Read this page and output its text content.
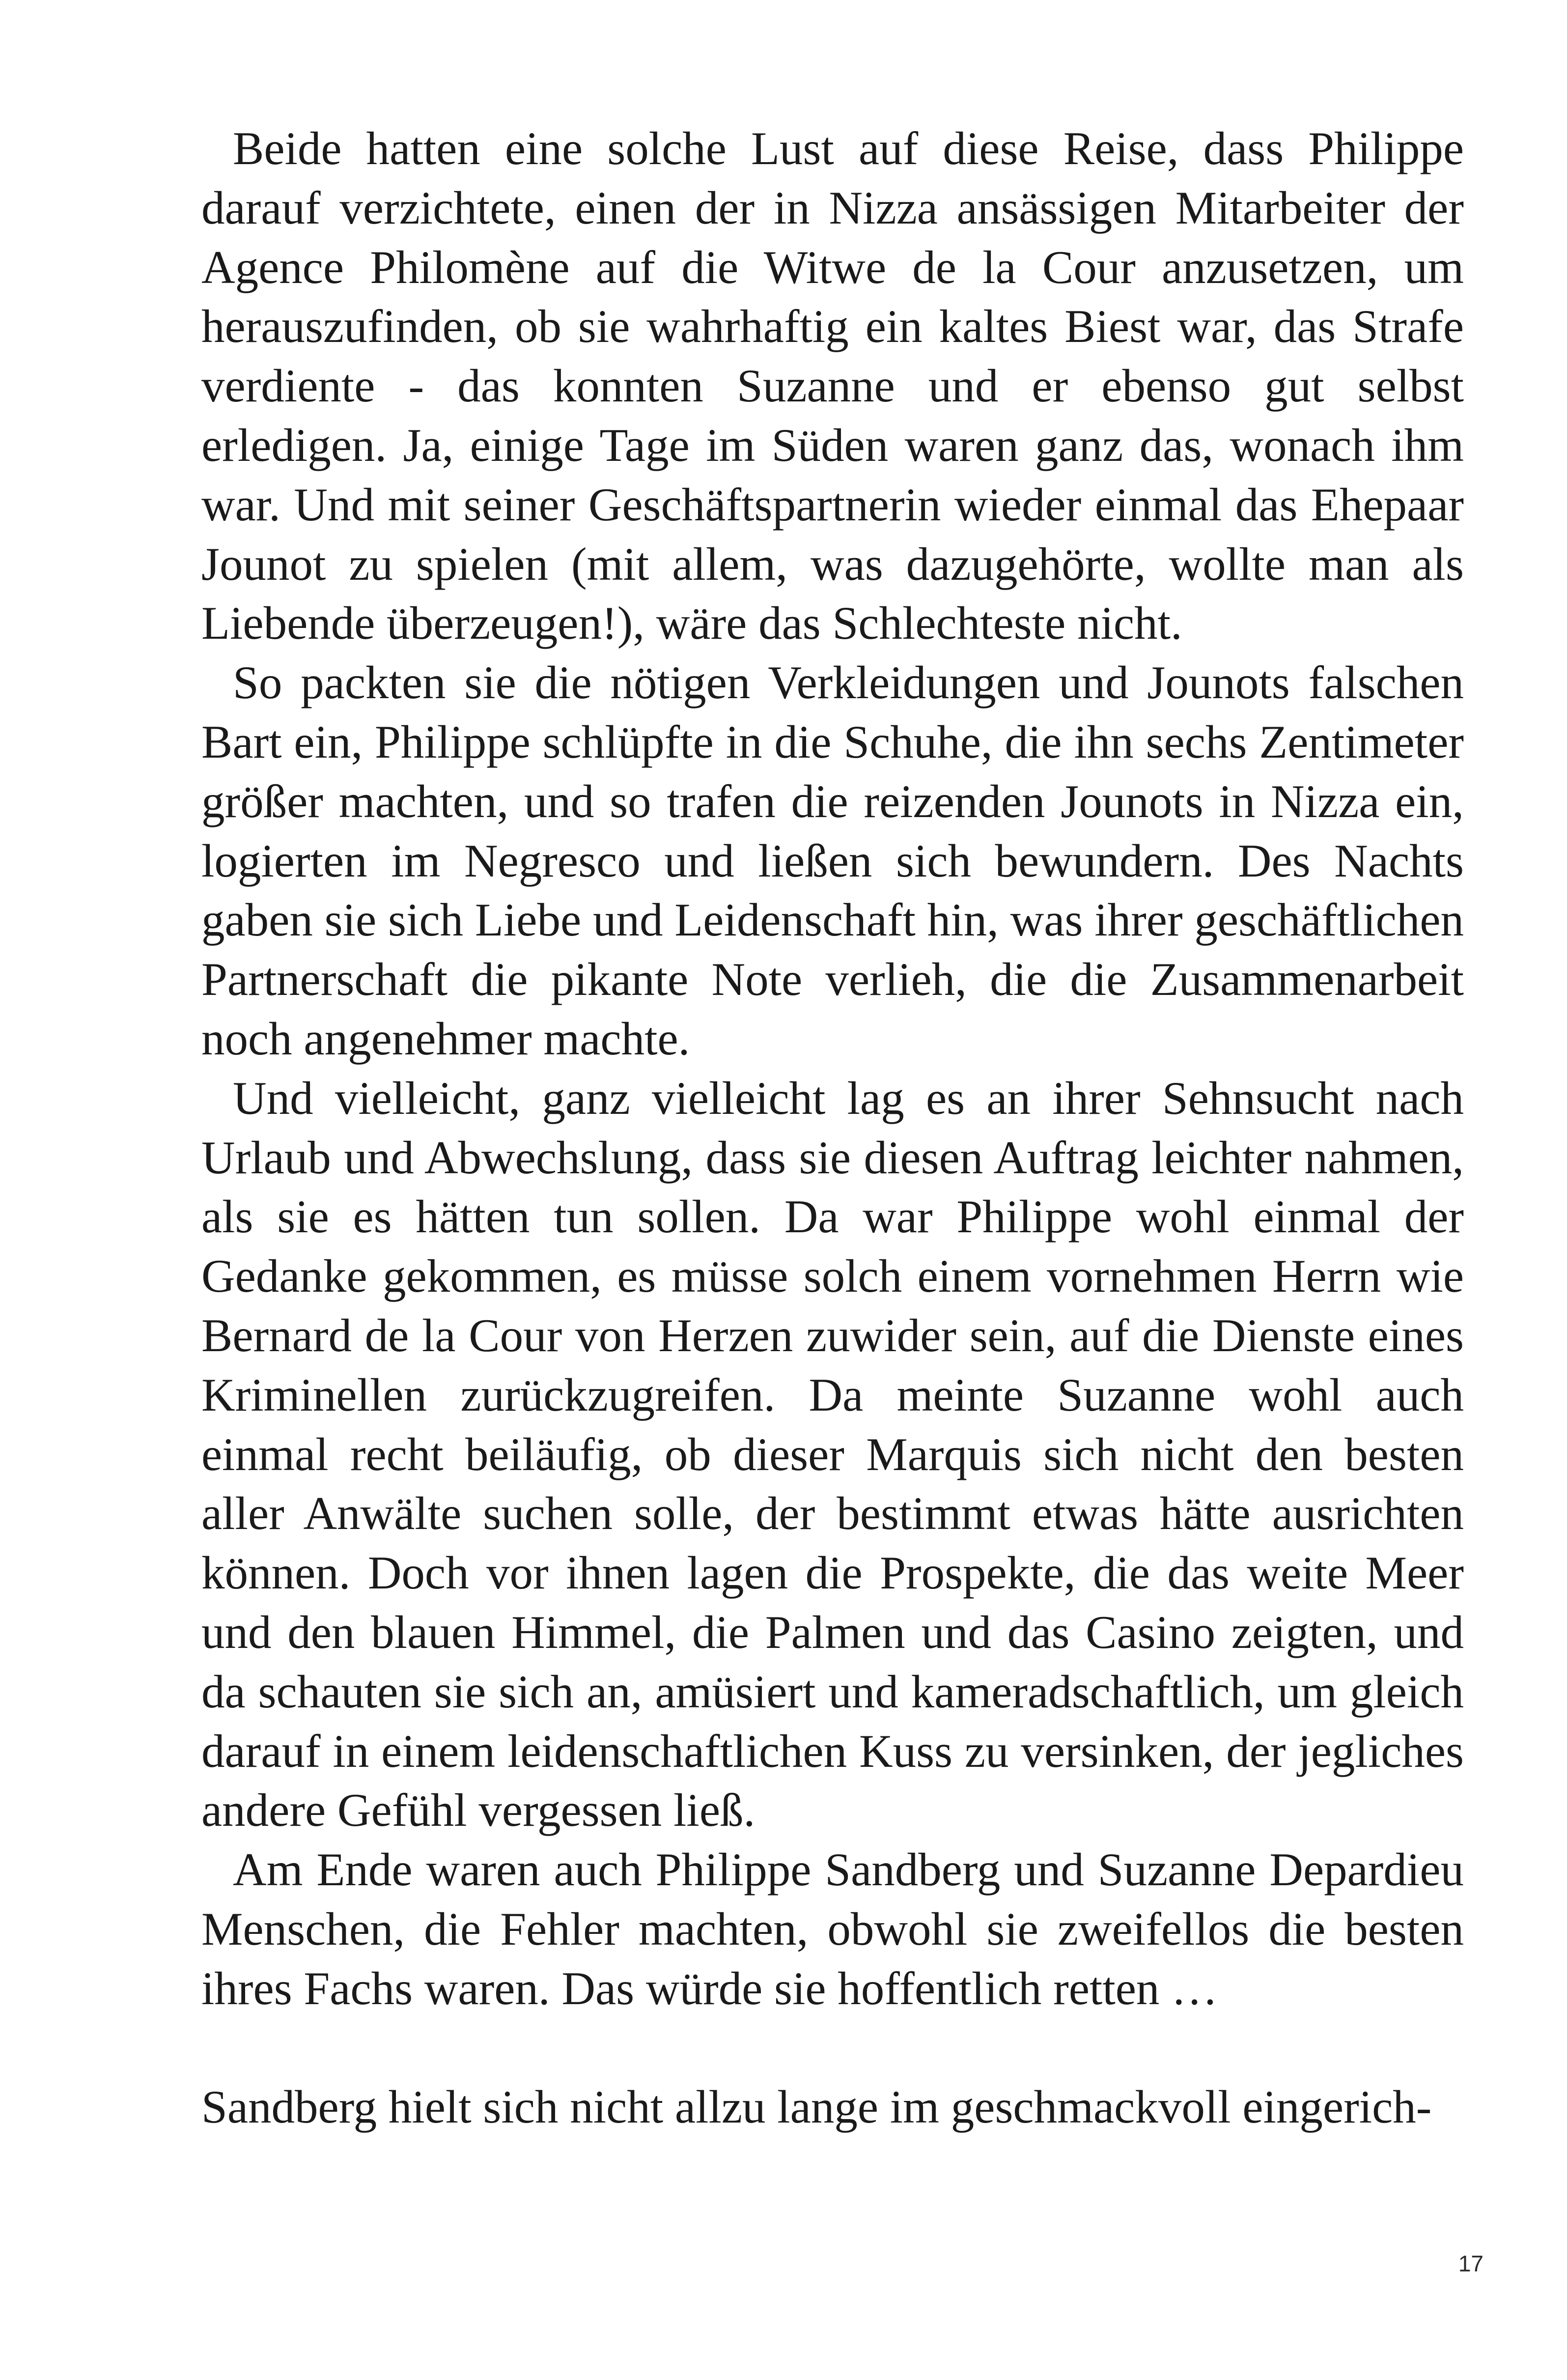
Beide hatten eine solche Lust auf diese Reise, dass Philippe darauf verzichtete, einen der in Nizza ansässigen Mitarbeiter der Agence Philomène auf die Witwe de la Cour anzusetzen, um herauszufinden, ob sie wahrhaftig ein kaltes Biest war, das Strafe verdiente - das konnten Suzanne und er ebenso gut selbst erledigen. Ja, einige Tage im Süden waren ganz das, wonach ihm war. Und mit seiner Geschäftspartnerin wieder einmal das Ehepaar Jounot zu spielen (mit allem, was dazugehörte, wollte man als Liebende überzeugen!), wäre das Schlechteste nicht.

So packten sie die nötigen Verkleidungen und Jounots falschen Bart ein, Philippe schlüpfte in die Schuhe, die ihn sechs Zentimeter größer machten, und so trafen die reizenden Jounots in Nizza ein, logierten im Negresco und ließen sich bewundern. Des Nachts gaben sie sich Liebe und Leidenschaft hin, was ihrer geschäftlichen Partnerschaft die pikante Note verlieh, die die Zusammenarbeit noch angenehmer machte.

Und vielleicht, ganz vielleicht lag es an ihrer Sehnsucht nach Urlaub und Abwechslung, dass sie diesen Auftrag leichter nahmen, als sie es hätten tun sollen. Da war Philippe wohl einmal der Gedanke gekommen, es müsse solch einem vornehmen Herrn wie Bernard de la Cour von Herzen zuwider sein, auf die Dienste eines Kriminellen zurückzugreifen. Da meinte Suzanne wohl auch einmal recht beiläufig, ob dieser Marquis sich nicht den besten aller Anwälte suchen solle, der bestimmt etwas hätte ausrichten können. Doch vor ihnen lagen die Prospekte, die das weite Meer und den blauen Himmel, die Palmen und das Casino zeigten, und da schauten sie sich an, amüsiert und kameradschaftlich, um gleich darauf in einem leidenschaftlichen Kuss zu versinken, der jegliches andere Gefühl vergessen ließ.

Am Ende waren auch Philippe Sandberg und Suzanne Depardieu Menschen, die Fehler machten, obwohl sie zweifellos die besten ihres Fachs waren. Das würde sie hoffentlich retten …

Sandberg hielt sich nicht allzu lange im geschmackvoll eingerich-

17
